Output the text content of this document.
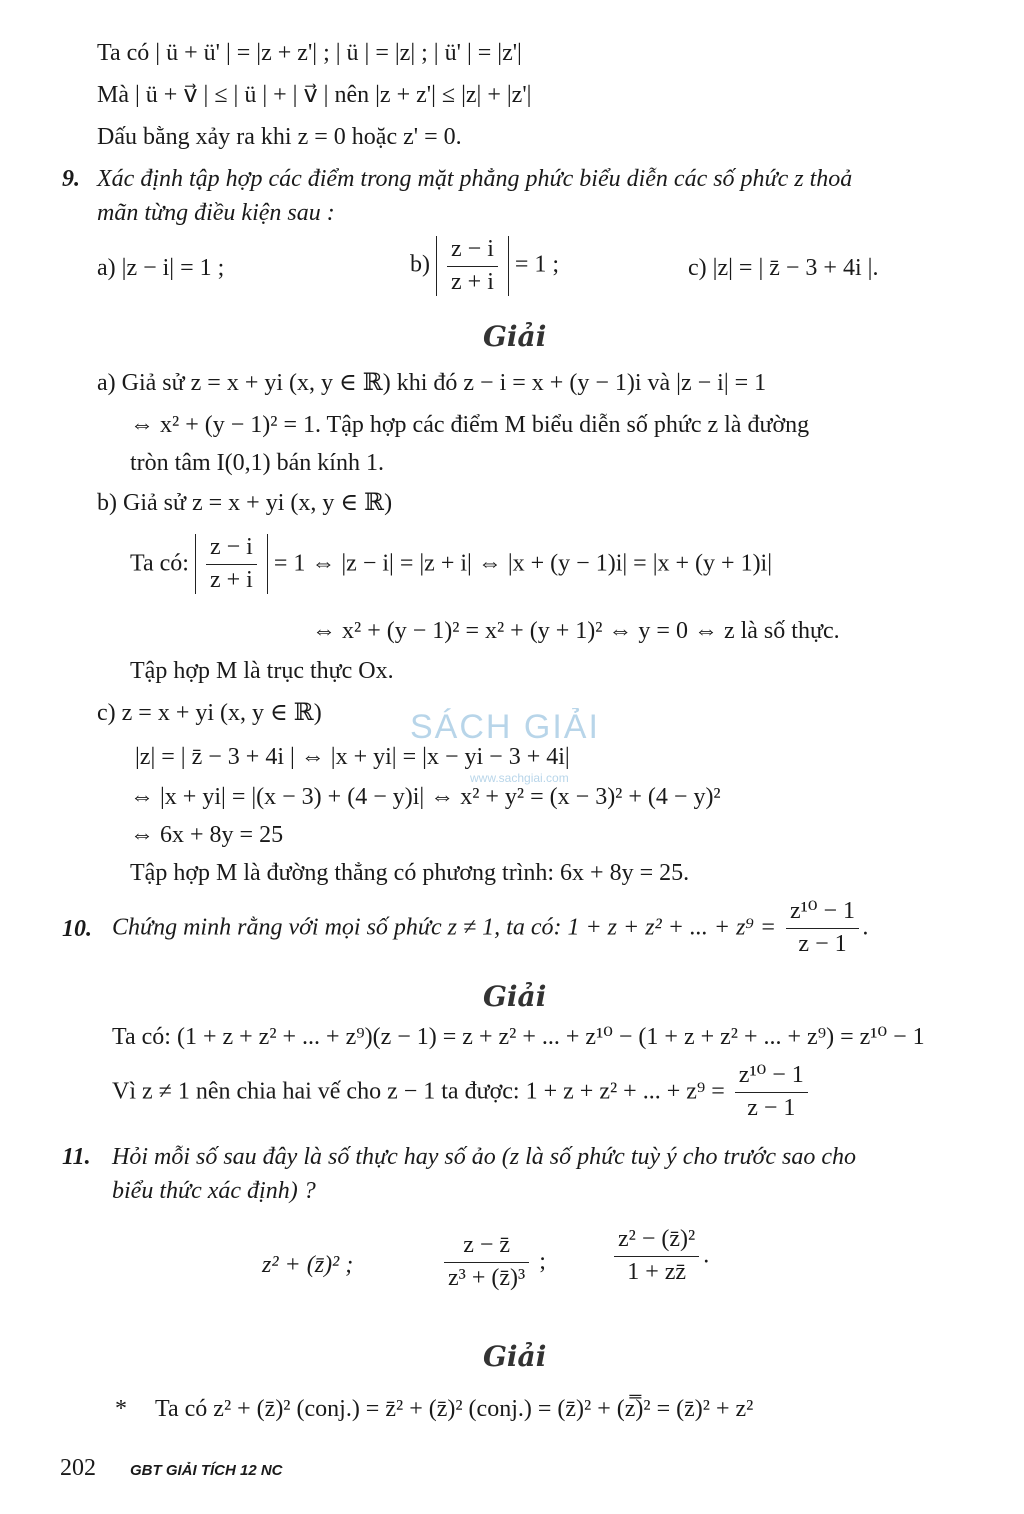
Ta có | ü + ü' | = |z + z'| ; | ü | = |z| ; | ü' | = |z'|
Mà | ü + v⃗ | ≤ | ü | + | v⃗ | nên |z + z'| ≤ |z| + |z'|
Dấu bằng xảy ra khi z = 0 hoặc z' = 0.
9. Xác định tập hợp các điểm trong mặt phẳng phức biểu diễn các số phức z thoả
mãn từng điều kiện sau :
a) |z − i| = 1 ;	$b) \frac{z - i}{z + i} = 1$ ;	c) |z| = | z̄ − 3 + 4i |.
Giải
a) Giả sử z = x + yi (x, y ∈ ℝ) khi đó z − i = x + (y − 1)i và |z − i| = 1
⇔ x² + (y − 1)² = 1. Tập hợp các điểm M biểu diễn số phức z là đường
tròn tâm I(0,1) bán kính 1.
b) Giả sử z = x + yi (x, y ∈ ℝ)
Ta có: $\frac{z - i}{z + i} = 1$ ⇔ |z − i| = |z + i| ⇔ |x + (y − 1)i| = |x + (y + 1)i|
⇔ x² + (y − 1)² = x² + (y + 1)² ⇔ y = 0 ⇔ z là số thực.
Tập hợp M là trục thực Ox.
c) z = x + yi (x, y ∈ ℝ)
|z| = | z̄ − 3 + 4i | ⇔ |x + yi| = |x − yi − 3 + 4i|
⇔ |x + yi| = |(x − 3) + (4 − y)i| ⇔ x² + y² = (x − 3)² + (4 − y)²
⇔ 6x + 8y = 25
Tập hợp M là đường thẳng có phương trình: 6x + 8y = 25.
SÁCH GIẢI
www.sachgiai.com
10. Chứng minh rằng với mọi số phức z ≠ 1, ta có: 1 + z + z² + ... + $z^9 = \frac{\text{z¹⁰ − 1}}{z - 1}$ .
Giải
Ta có: (1 + z + z² + ... + z⁹)(z − 1) = z + z² + ... + z¹⁰ − (1 + z + z² + ... + z⁹) = z¹⁰ − 1
Vì z ≠ 1 nên chia hai vế cho z − 1 ta được: 1 + z + z² + ... + $z^9 = \frac{\text{z¹⁰ − 1}}{z - 1}$
11. Hỏi mỗi số sau đây là số thực hay số ảo (z là số phức tuỳ ý cho trước sao cho
biểu thức xác định) ?
z² + (z̄)² ;	$\frac{z - z̄}{\text{z³ + (z̄)³}}$ ;	$\frac{\text{z² − (z̄)²}}{1 + zz̄}$ .
Giải
* Ta có z² + (z̄)² (conj.) = z̄² + (z̄)² (conj.) = (z̄)² + (z̿)² = (z̄)² + z²
202 GBT GIẢI TÍCH 12 NC
